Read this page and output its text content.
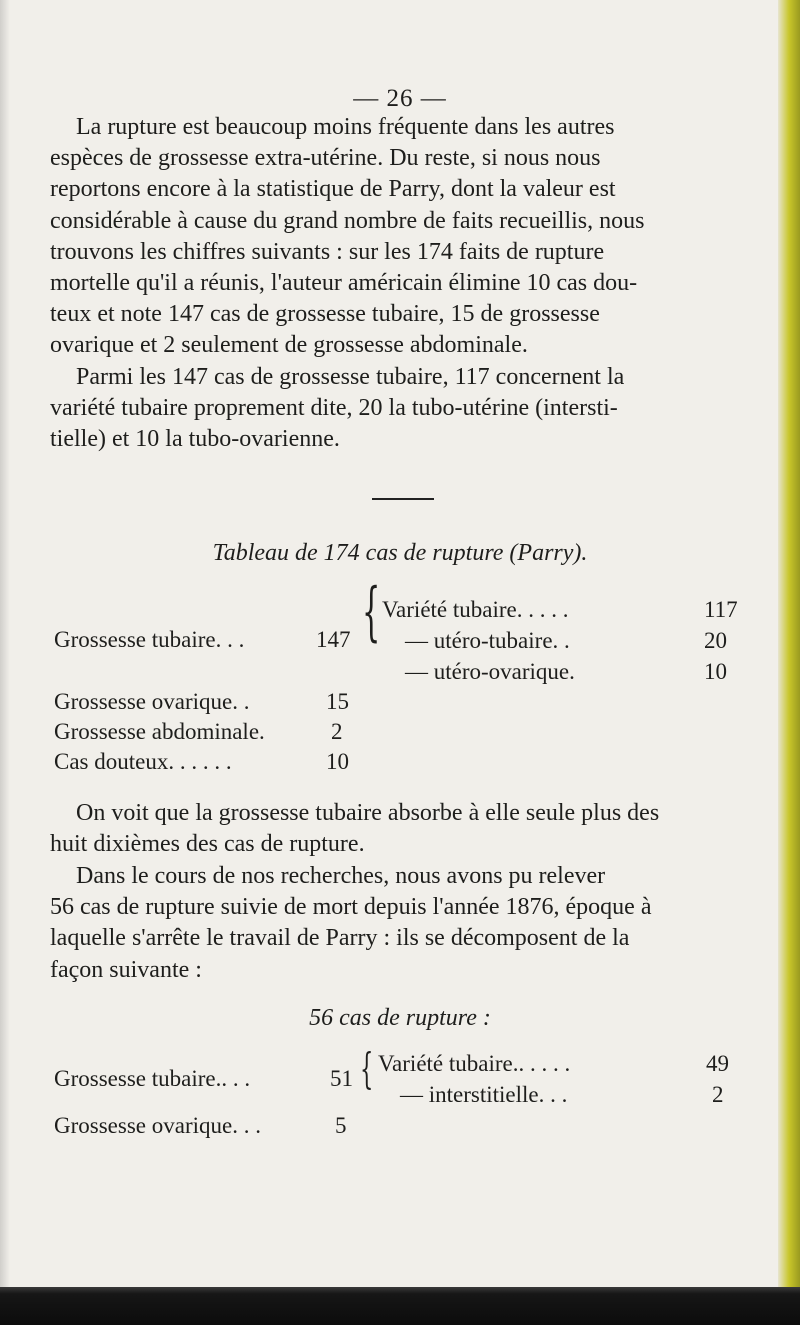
— 26 —

La rupture est beaucoup moins fréquente dans les autres
espèces de grossesse extra-utérine. Du reste, si nous nous
reportons encore à la statistique de Parry, dont la valeur est
considérable à cause du grand nombre de faits recueillis, nous
trouvons les chiffres suivants : sur les 174 faits de rupture
mortelle qu'il a réunis, l'auteur américain élimine 10 cas dou-
teux et note 147 cas de grossesse tubaire, 15 de grossesse
ovarique et 2 seulement de grossesse abdominale.

Parmi les 147 cas de grossesse tubaire, 117 concernent la
variété tubaire proprement dite, 20 la tubo-utérine (intersti-
tielle) et 10 la tubo-ovarienne.

Tableau de 174 cas de rupture (Parry).
Grossesse tubaire. . .	147 { Variété tubaire. . . . .	117
— utéro-tubaire. .	20
— utéro-ovarique.	10
Grossesse ovarique. .	15
Grossesse abdominale.	2
Cas douteux. . . . . .	10

On voit que la grossesse tubaire absorbe à elle seule plus des
huit dixièmes des cas de rupture.

Dans le cours de nos recherches, nous avons pu relever
56 cas de rupture suivie de mort depuis l'année 1876, époque à
laquelle s'arrête le travail de Parry : ils se décomposent de la
façon suivante :

56 cas de rupture :
Grossesse tubaire.. . .	51 { Variété tubaire.. . . . .	49
— interstitielle. . .	2
Grossesse ovarique. . .	5
